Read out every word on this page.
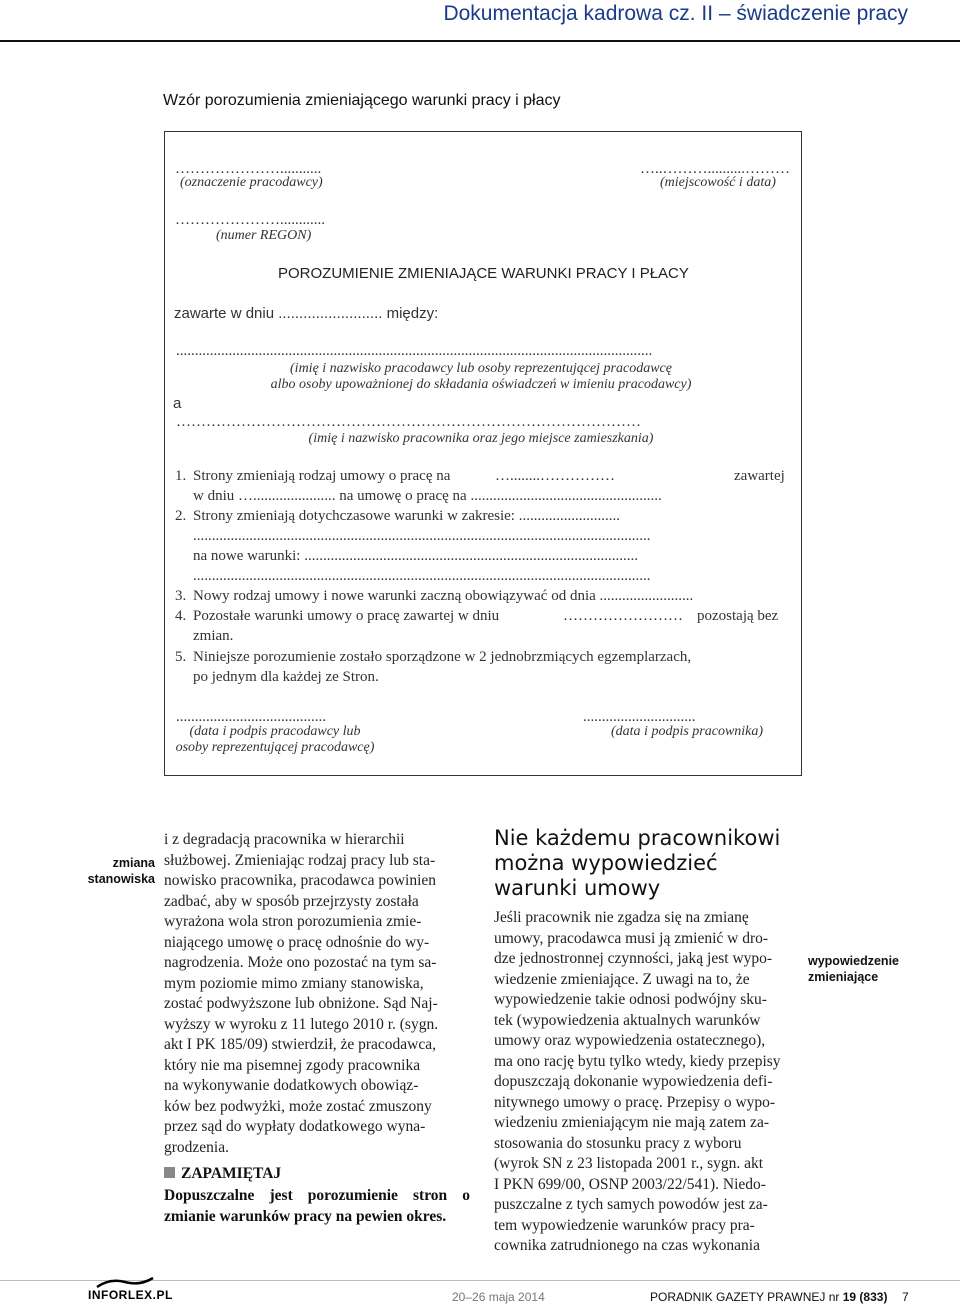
Dokumentacja kadrowa cz. II – świadczenie pracy
Wzór porozumienia zmieniającego warunki pracy i płacy
…………………...........
(oznaczenie pracodawcy)
…..………..........………
(miejscowość i data)
…………………............
(numer REGON)
POROZUMIENIE ZMIENIAJĄCE WARUNKI PRACY I PŁACY
zawarte w dniu ......................... między:
...............................................................................................................................
(imię i nazwisko pracodawcy lub osoby reprezentującej pracodawcę
albo osoby upoważnionej do składania oświadczeń w imieniu pracodawcy)
a
…………………………………………………………………………………
(imię i nazwisko pracownika oraz jego miejsce zamieszkania)
1. Strony zmieniają rodzaj umowy o pracę na	…........……………	zawartej
w dniu …...................... na umowę o pracę na ...................................................
2. Strony zmieniają dotychczasowe warunki w zakresie: ...........................
..........................................................................................................................
na nowe warunki: .........................................................................................
..........................................................................................................................
3. Nowy rodzaj umowy i nowe warunki zaczną obowiązywać od dnia .........................
4. Pozostałe warunki umowy o pracę zawartej w dniu	…………………… pozostają bez
zmian.
5. Niniejsze porozumienie zostało sporządzone w 2 jednobrzmiących egzemplarzach,
po jednym dla każdej ze Stron.
........................................
(data i podpis pracodawcy lub
osoby reprezentującej pracodawcę)
..............................
(data i podpis pracownika)
zmiana
stanowiska
i z degradacją pracownika w hierarchii
służbowej. Zmieniając rodzaj pracy lub sta-
nowisko pracownika, pracodawca powinien
zadbać, aby w sposób przejrzysty została
wyrażona wola stron porozumienia zmie-
niającego umowę o pracę odnośnie do wy-
nagrodzenia. Może ono pozostać na tym sa-
mym poziomie mimo zmiany stanowiska,
zostać podwyższone lub obniżone. Sąd Naj-
wyższy w wyroku z 11 lutego 2010 r. (sygn.
akt I PK 185/09) stwierdził, że pracodawca,
który nie ma pisemnej zgody pracownika
na wykonywanie dodatkowych obowiąz-
ków bez podwyżki, może zostać zmuszony
przez sąd do wypłaty dodatkowego wyna-
grodzenia.
ZAPAMIĘTAJ
Dopuszczalne jest porozumienie stron o zmianie warunków pracy na pewien okres.
Nie każdemu pracownikowi można wypowiedzieć warunki umowy
Jeśli pracownik nie zgadza się na zmianę
umowy, pracodawca musi ją zmienić w dro-
dze jednostronnej czynności, jaką jest wypo-
wiedzenie zmieniające. Z uwagi na to, że
wypowiedzenie takie odnosi podwójny sku-
tek (wypowiedzenia aktualnych warunków
umowy oraz wypowiedzenia ostatecznego),
ma ono rację bytu tylko wtedy, kiedy przepisy
dopuszczają dokonanie wypowiedzenia defi-
nitywnego umowy o pracę. Przepisy o wypo-
wiedzeniu zmieniającym nie mają zatem za-
stosowania do stosunku pracy z wyboru
(wyrok SN z 23 listopada 2001 r., sygn. akt
I PKN 699/00, OSNP 2003/22/541). Niedo-
puszczalne z tych samych powodów jest za-
tem wypowiedzenie warunków pracy pra-
cownika zatrudnionego na czas wykonania
wypowiedzenie
zmieniające
INFORLEX.PL	20–26 maja 2014	PORADNIK GAZETY PRAWNEJ nr 19 (833) 7
